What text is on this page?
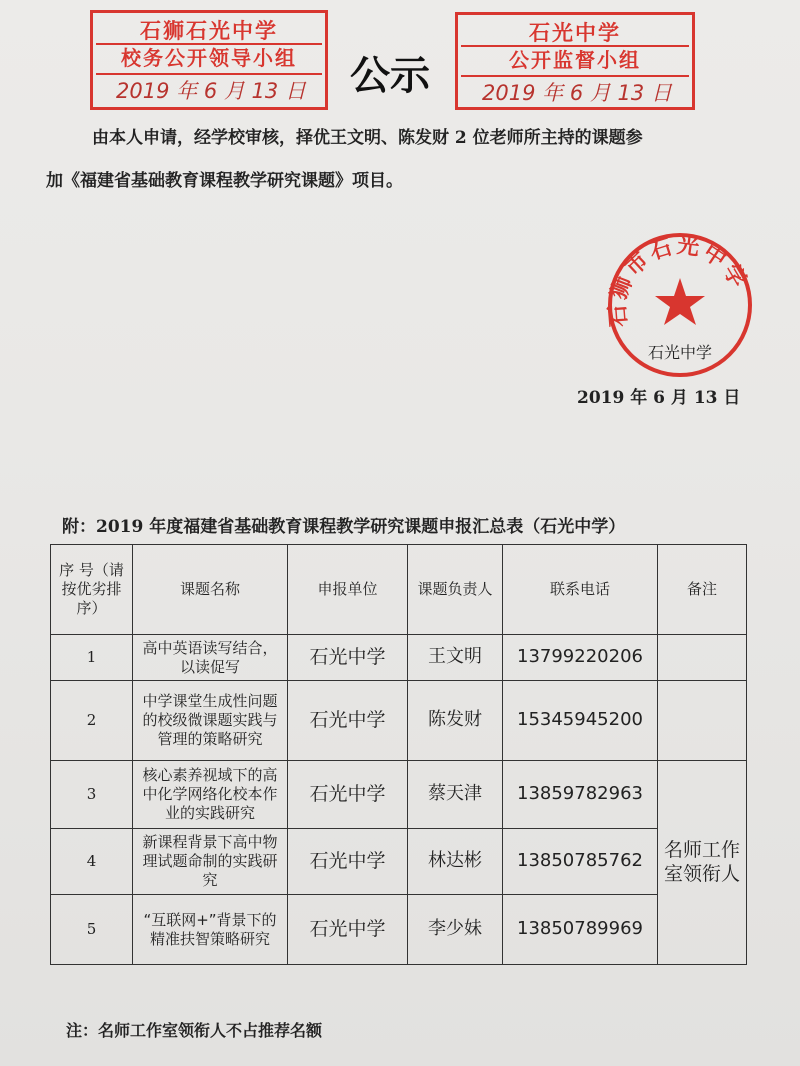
石狮石光中学
校务公开领导小组
2019 年 6 月 13 日	公示
石光中学
公开监督小组
2019 年 6 月 13 日
由本人申请，经学校审核，择优王文明、陈发财 2 位老师所主持的课题参
加《福建省基础教育课程教学研究课题》项目。
石狮市石光中学
石光中学
2019 年 6 月 13 日
附：2019 年度福建省基础教育课程教学研究课题申报汇总表（石光中学）
序 号（请按优劣排序）	课题名称	申报单位	课题负责人	联系电话	备注
1	高中英语读写结合，以读促写	石光中学	王文明	13799220206	
2	中学课堂生成性问题的校级微课题实践与管理的策略研究	石光中学	陈发财	15345945200	
3	核心素养视域下的高中化学网络化校本作业的实践研究	石光中学	蔡天津	13859782963	名师工作室领衔人
4	新课程背景下高中物理试题命制的实践研究	石光中学	林达彬	13850785762	
5	“互联网+”背景下的精准扶智策略研究	石光中学	李少妹	13850789969	
注：名师工作室领衔人不占推荐名额
